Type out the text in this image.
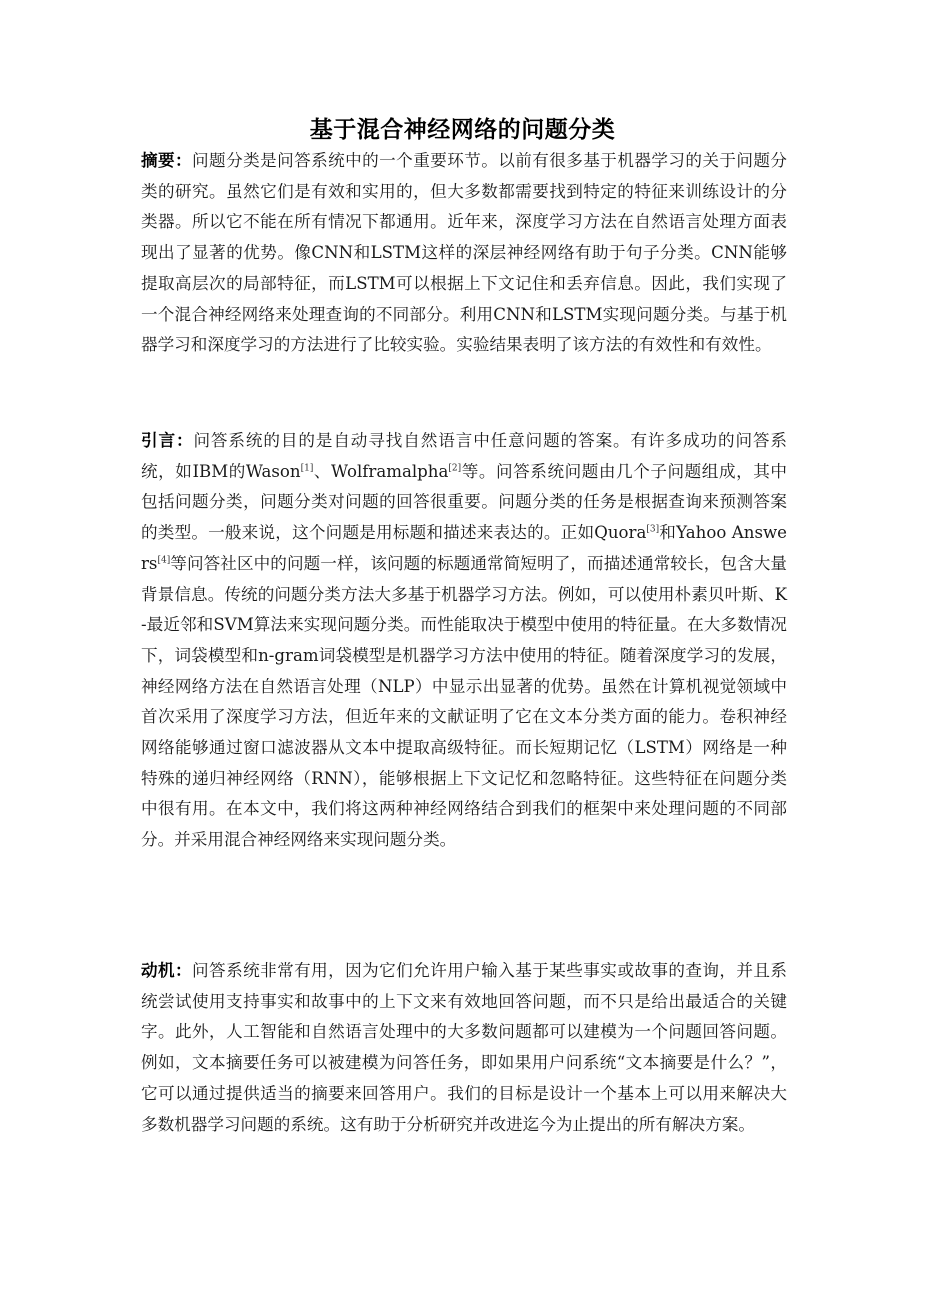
基于混合神经网络的问题分类
摘要：问题分类是问答系统中的一个重要环节。以前有很多基于机器学习的关于问题分类的研究。虽然它们是有效和实用的，但大多数都需要找到特定的特征来训练设计的分类器。所以它不能在所有情况下都通用。近年来，深度学习方法在自然语言处理方面表现出了显著的优势。像CNN和LSTM这样的深层神经网络有助于句子分类。CNN能够提取高层次的局部特征，而LSTM可以根据上下文记住和丢弃信息。因此，我们实现了一个混合神经网络来处理查询的不同部分。利用CNN和LSTM实现问题分类。与基于机器学习和深度学习的方法进行了比较实验。实验结果表明了该方法的有效性和有效性。
引言：问答系统的目的是自动寻找自然语言中任意问题的答案。有许多成功的问答系统，如IBM的Wason[1]、Wolframalpha[2]等。问答系统问题由几个子问题组成，其中包括问题分类，问题分类对问题的回答很重要。问题分类的任务是根据查询来预测答案的类型。一般来说，这个问题是用标题和描述来表达的。正如Quora[3]和Yahoo Answers[4]等问答社区中的问题一样，该问题的标题通常简短明了，而描述通常较长，包含大量背景信息。传统的问题分类方法大多基于机器学习方法。例如，可以使用朴素贝叶斯、K-最近邻和SVM算法来实现问题分类。而性能取决于模型中使用的特征量。在大多数情况下，词袋模型和n-gram词袋模型是机器学习方法中使用的特征。随着深度学习的发展，神经网络方法在自然语言处理（NLP）中显示出显著的优势。虽然在计算机视觉领域中首次采用了深度学习方法，但近年来的文献证明了它在文本分类方面的能力。卷积神经网络能够通过窗口滤波器从文本中提取高级特征。而长短期记忆（LSTM）网络是一种特殊的递归神经网络（RNN），能够根据上下文记忆和忽略特征。这些特征在问题分类中很有用。在本文中，我们将这两种神经网络结合到我们的框架中来处理问题的不同部分。并采用混合神经网络来实现问题分类。
动机：问答系统非常有用，因为它们允许用户输入基于某些事实或故事的查询，并且系统尝试使用支持事实和故事中的上下文来有效地回答问题，而不只是给出最适合的关键字。此外，人工智能和自然语言处理中的大多数问题都可以建模为一个问题回答问题。例如，文本摘要任务可以被建模为问答任务，即如果用户问系统“文本摘要是什么？”，它可以通过提供适当的摘要来回答用户。我们的目标是设计一个基本上可以用来解决大多数机器学习问题的系统。这有助于分析研究并改进迄今为止提出的所有解决方案。
